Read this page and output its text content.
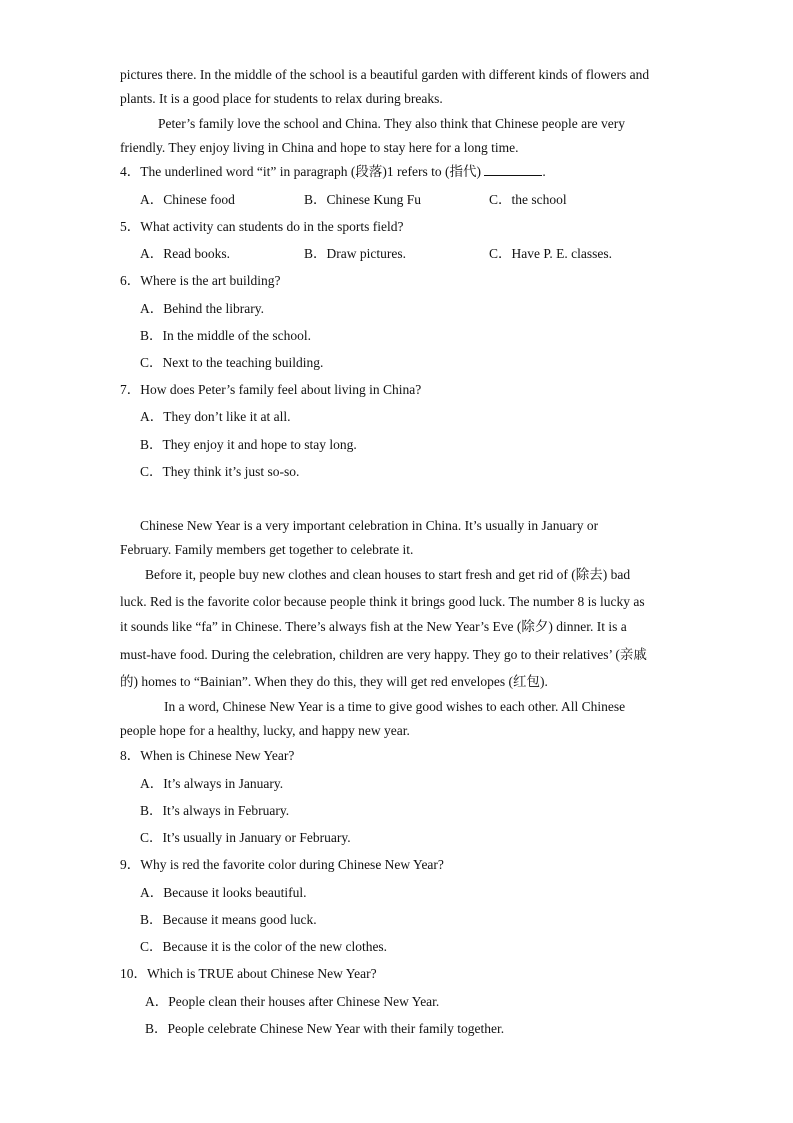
pictures there. In the middle of the school is a beautiful garden with different kinds of flowers and
plants. It is a good place for students to relax during breaks.
Peter’s family love the school and China. They also think that Chinese people are very
friendly. They enjoy living in China and hope to stay here for a long time.
4．The underlined word “it” in paragraph (段落)1 refers to (指代)	.
A．Chinese food	B．Chinese Kung Fu	C．the school
5．What activity can students do in the sports field?
A．Read books.	B．Draw pictures.	C．Have P. E. classes.
6．Where is the art building?
A．Behind the library.
B．In the middle of the school.
C．Next to the teaching building.
7．How does Peter’s family feel about living in China?
A．They don’t like it at all.
B．They enjoy it and hope to stay long.
C．They think it’s just so-so.
Chinese New Year is a very important celebration in China. It’s usually in January or
February. Family members get together to celebrate it.
Before it, people buy new clothes and clean houses to start fresh and get rid of (除去) bad
luck. Red is the favorite color because people think it brings good luck. The number 8 is lucky as
it sounds like “fa” in Chinese. There’s always fish at the New Year’s Eve (除夕) dinner. It is a
must-have food. During the celebration, children are very happy. They go to their relatives’ (亲戚
的) homes to “Bainian”. When they do this, they will get red envelopes (红包).
In a word, Chinese New Year is a time to give good wishes to each other. All Chinese
people hope for a healthy, lucky, and happy new year.
8．When is Chinese New Year?
A．It’s always in January.
B．It’s always in February.
C．It’s usually in January or February.
9．Why is red the favorite color during Chinese New Year?
A．Because it looks beautiful.
B．Because it means good luck.
C．Because it is the color of the new clothes.
10．Which is TRUE about Chinese New Year?
A．People clean their houses after Chinese New Year.
B．People celebrate Chinese New Year with their family together.
